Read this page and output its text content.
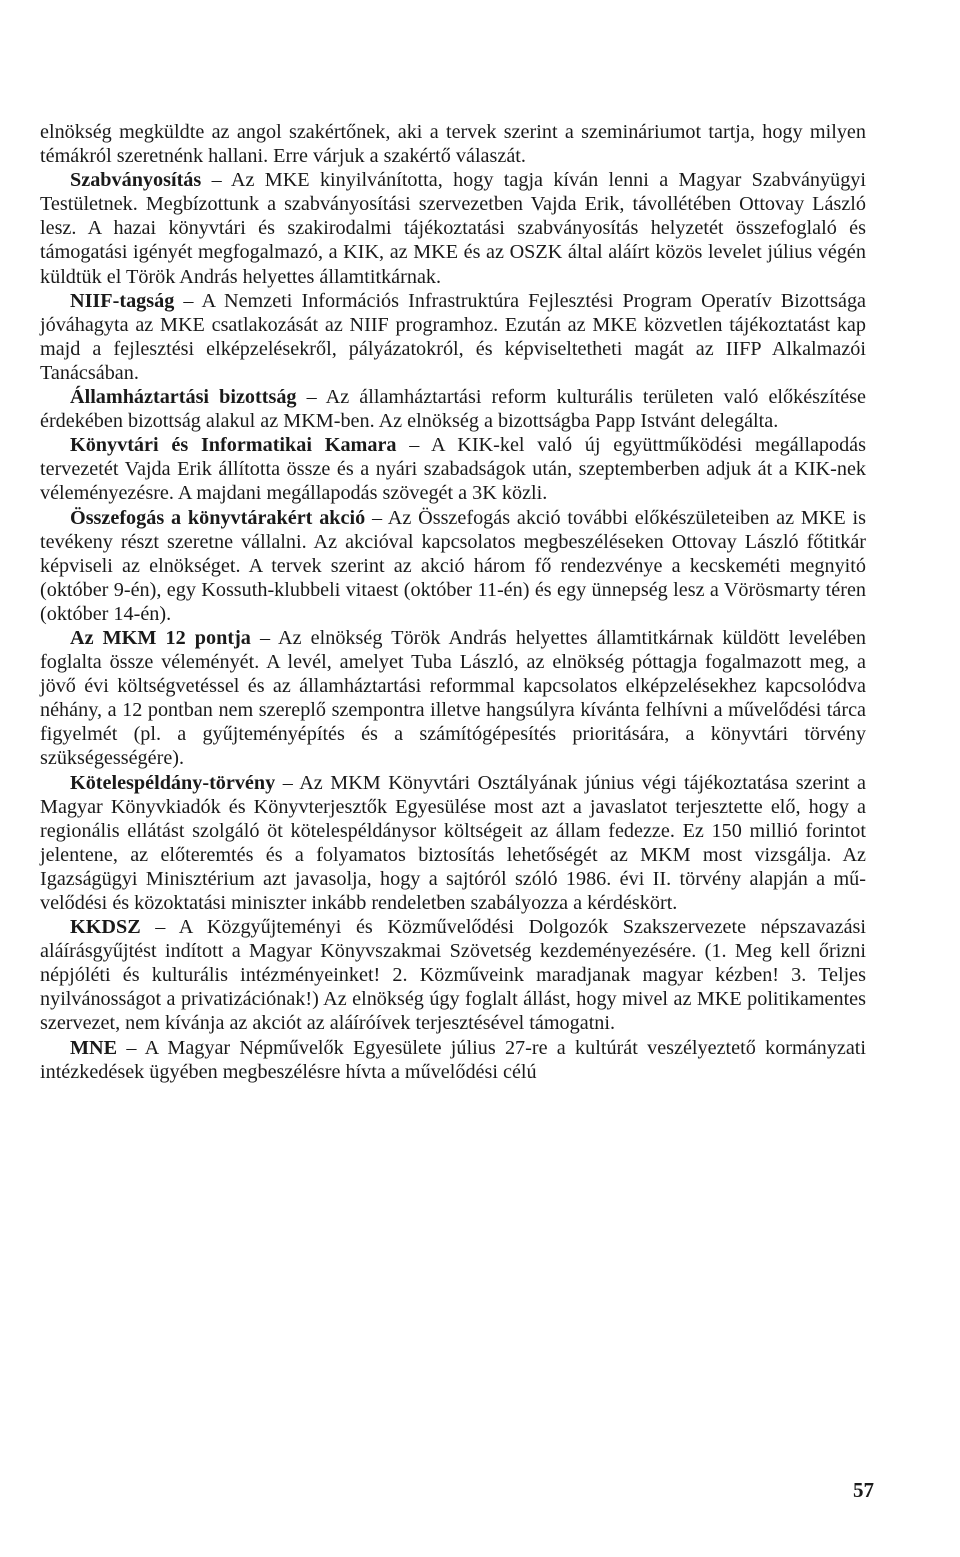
elnökség megküldte az angol szakértőnek, aki a tervek szerint a szemináriumot tartja, hogy milyen témákról szeretnénk hallani. Erre várjuk a szakértő válaszát.

Szabványosítás – Az MKE kinyilvánította, hogy tagja kíván lenni a Magyar Szabványügyi Testületnek. Megbízottunk a szabványosítási szervezetben Vajda Erik, távollétében Ottovay László lesz. A hazai könyvtári és szakirodalmi tájékoztatási szabványosítás helyzetét összefoglaló és támogatási igényét megfogalmazó, a KIK, az MKE és az OSZK által aláírt közös levelet július végén küldtük el Török András helyettes államtitkárnak.

NIIF-tagság – A Nemzeti Információs Infrastruktúra Fejlesztési Program Operatív Bizottsága jóváhagyta az MKE csatlakozását az NIIF programhoz. Ezután az MKE közvetlen tájékoztatást kap majd a fejlesztési elképzelésekről, pályázatokról, és képviseltetheti magát az IIFP Alkalmazói Tanácsában.

Államháztartási bizottság – Az államháztartási reform kulturális területen való előkészítése érdekében bizottság alakul az MKM-ben. Az elnökség a bizottságba Papp Istvánt delegálta.

Könyvtári és Informatikai Kamara – A KIK-kel való új együttműködési megállapodás tervezetét Vajda Erik állította össze és a nyári szabadságok után, szeptemberben adjuk át a KIK-nek véleményezésre. A majdani megállapodás szövegét a 3K közli.

Összefogás a könyvtárakért akció – Az Összefogás akció további előkészületeiben az MKE is tevékeny részt szeretne vállalni. Az akcióval kapcsolatos megbeszéléseken Ottovay László főtitkár képviseli az elnökséget. A tervek szerint az akció három fő rendezvénye a kecskeméti megnyitó (október 9-én), egy Kossuth-klubbeli vitaest (október 11-én) és egy ünnepség lesz a Vörösmarty téren (október 14-én).

Az MKM 12 pontja – Az elnökség Török András helyettes államtitkárnak küldött levelében foglalta össze véleményét. A levél, amelyet Tuba László, az elnökség póttagja fogalmazott meg, a jövő évi költségvetéssel és az államháztartási reformmal kapcsolatos elképzelésekhez kapcsolódva néhány, a 12 pontban nem szereplő szempontra illetve hangsúlyra kívánta felhívni a művelődési tárca figyelmét (pl. a gyűjteményépítés és a számítógépesítés prioritására, a könyvtári törvény szükségességére).

Kötelespéldány-törvény – Az MKM Könyvtári Osztályának június végi tájékoztatása szerint a Magyar Könyvkiadók és Könyvterjesztők Egyesülése most azt a javaslatot terjesztette elő, hogy a regionális ellátást szolgáló öt kötelespéldánysor költségeit az állam fedezze. Ez 150 millió forintot jelentene, az előteremtés és a folyamatos biztosítás lehetőségét az MKM most vizsgálja. Az Igazságügyi Minisztérium azt javasolja, hogy a sajtóról szóló 1986. évi II. törvény alapján a művelődési és közoktatási miniszter inkább rendeletben szabályozza a kérdéskört.

KKDSZ – A Közgyűjteményi és Közművelődési Dolgozók Szakszervezete népszavazási aláírásgyűjtést indított a Magyar Könyvszakmai Szövetség kezdeményezésére. (1. Meg kell őrizni népjóléti és kulturális intézményeinket! 2. Közműveink maradjanak magyar kézben! 3. Teljes nyilvánosságot a privatizációnak!) Az elnökség úgy foglalt állást, hogy mivel az MKE politikamentes szervezet, nem kívánja az akciót az aláíróívek terjesztésével támogatni.

MNE – A Magyar Népművelők Egyesülete július 27-re a kultúrát veszélyeztető kormányzati intézkedések ügyében megbeszélésre hívta a művelődési célú

57
